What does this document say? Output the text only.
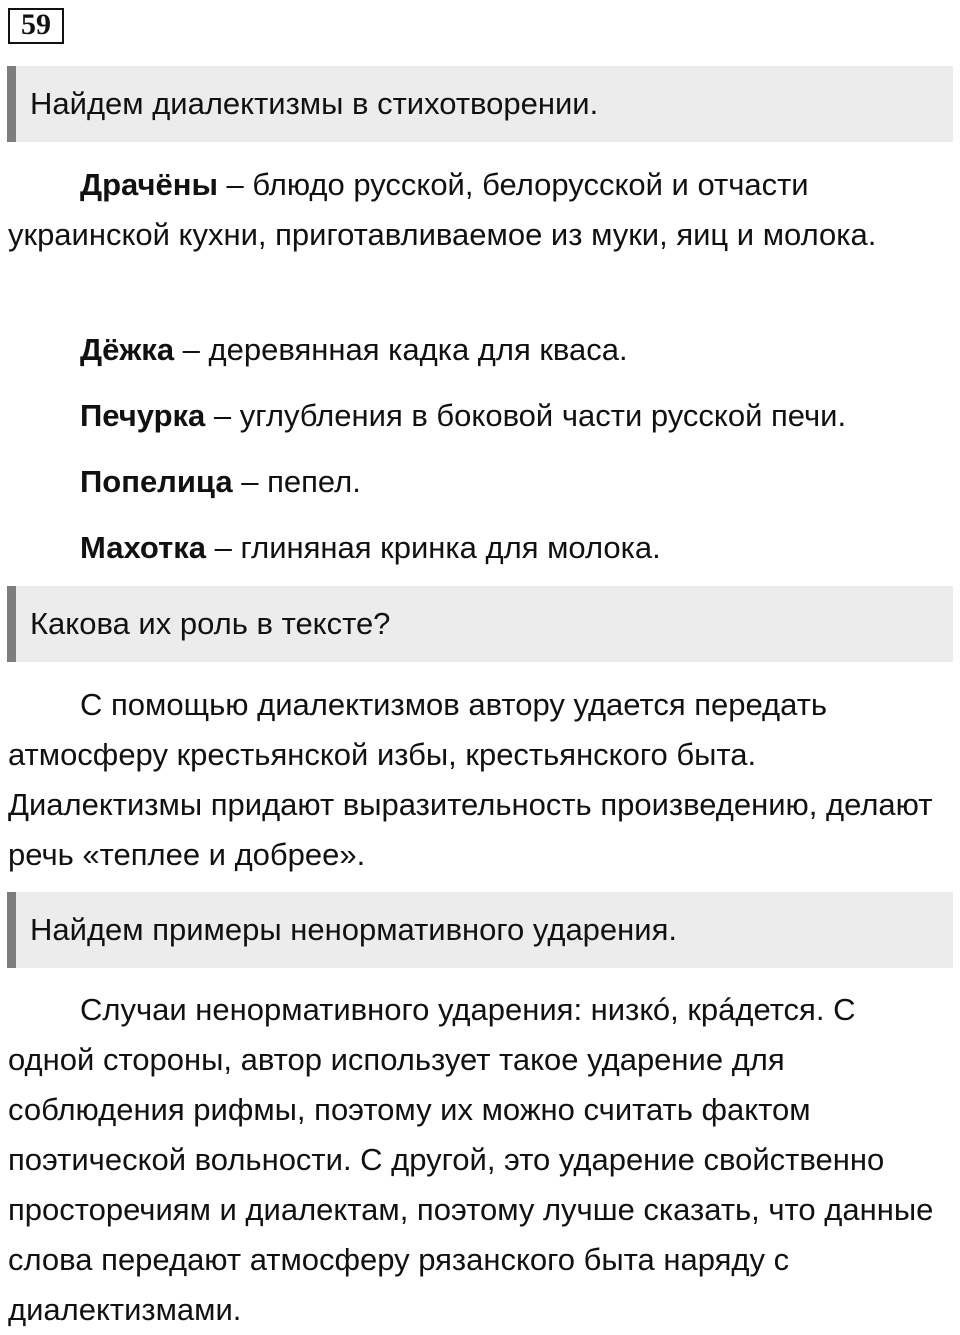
59
Найдем диалектизмы в стихотворении.
Драчёны – блюдо русской, белорусской и отчасти украинской кухни, приготавливаемое из муки, яиц и молока.
Дёжка – деревянная кадка для кваса.
Печурка – углубления в боковой части русской печи.
Попелица – пепел.
Махотка – глиняная кринка для молока.
Какова их роль в тексте?
С помощью диалектизмов автору удается передать атмосферу крестьянской избы, крестьянского быта. Диалектизмы придают выразительность произведению, делают речь «теплее и добрее».
Найдем примеры ненормативного ударения.
Случаи ненормативного ударения: низкó, крáдется. С одной стороны, автор использует такое ударение для соблюдения рифмы, поэтому их можно считать фактом поэтической вольности. С другой, это ударение свойственно просторечиям и диалектам, поэтому лучше сказать, что данные слова передают атмосферу рязанского быта наряду с диалектизмами.
